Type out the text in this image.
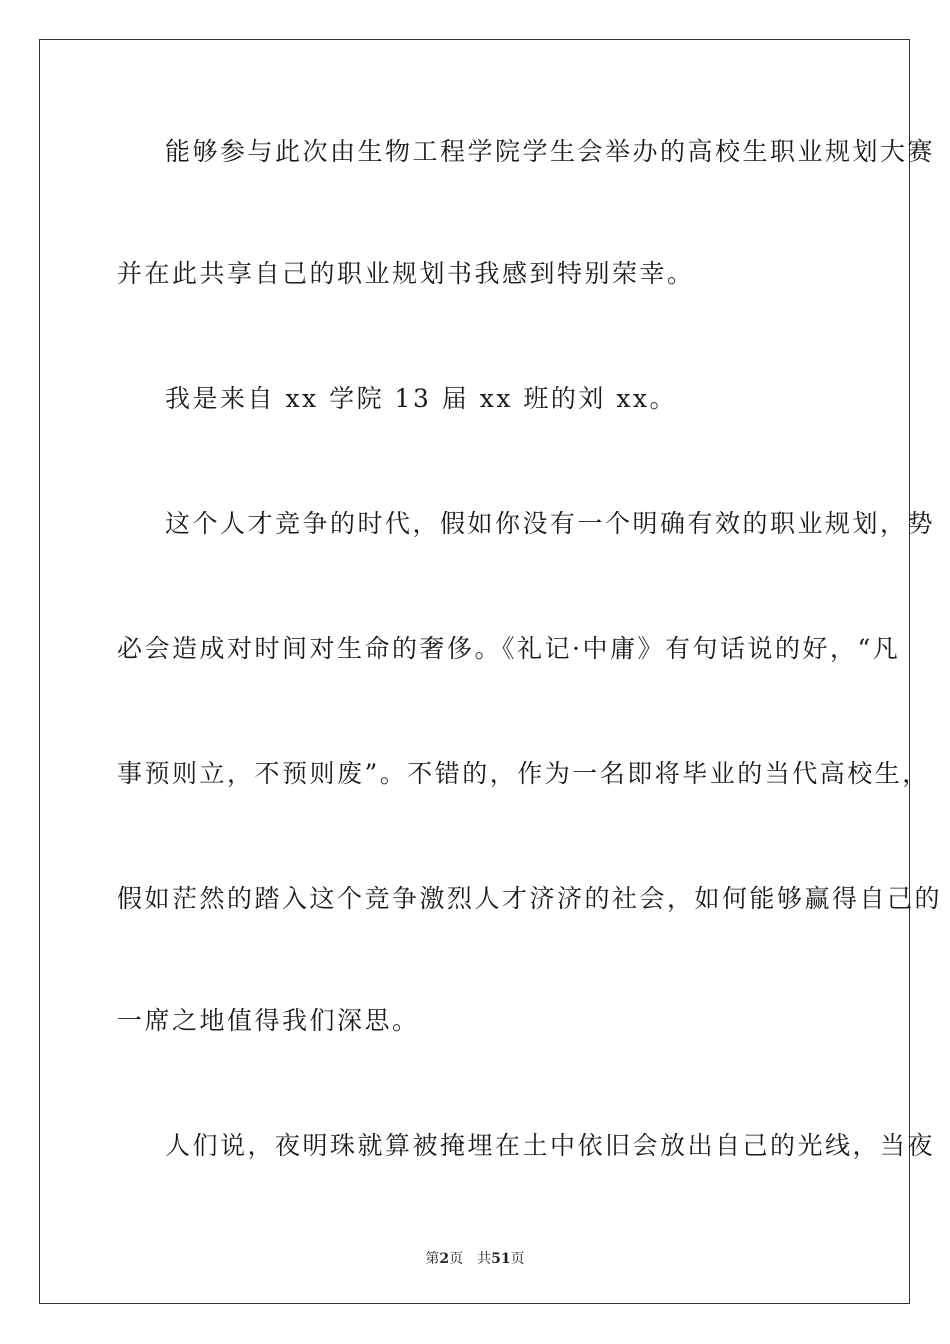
能够参与此次由生物工程学院学生会举办的高校生职业规划大赛
并在此共享自己的职业规划书我感到特别荣幸。
我是来自 xx 学院 13 届 xx 班的刘 xx。
这个人才竞争的时代，假如你没有一个明确有效的职业规划，势
必会造成对时间对生命的奢侈。《礼记·中庸》有句话说的好，“凡
事预则立，不预则废”。不错的，作为一名即将毕业的当代高校生，
假如茫然的踏入这个竞争激烈人才济济的社会，如何能够赢得自己的
一席之地值得我们深思。
人们说，夜明珠就算被掩埋在土中依旧会放出自己的光线，当夜
第2页 共51页
